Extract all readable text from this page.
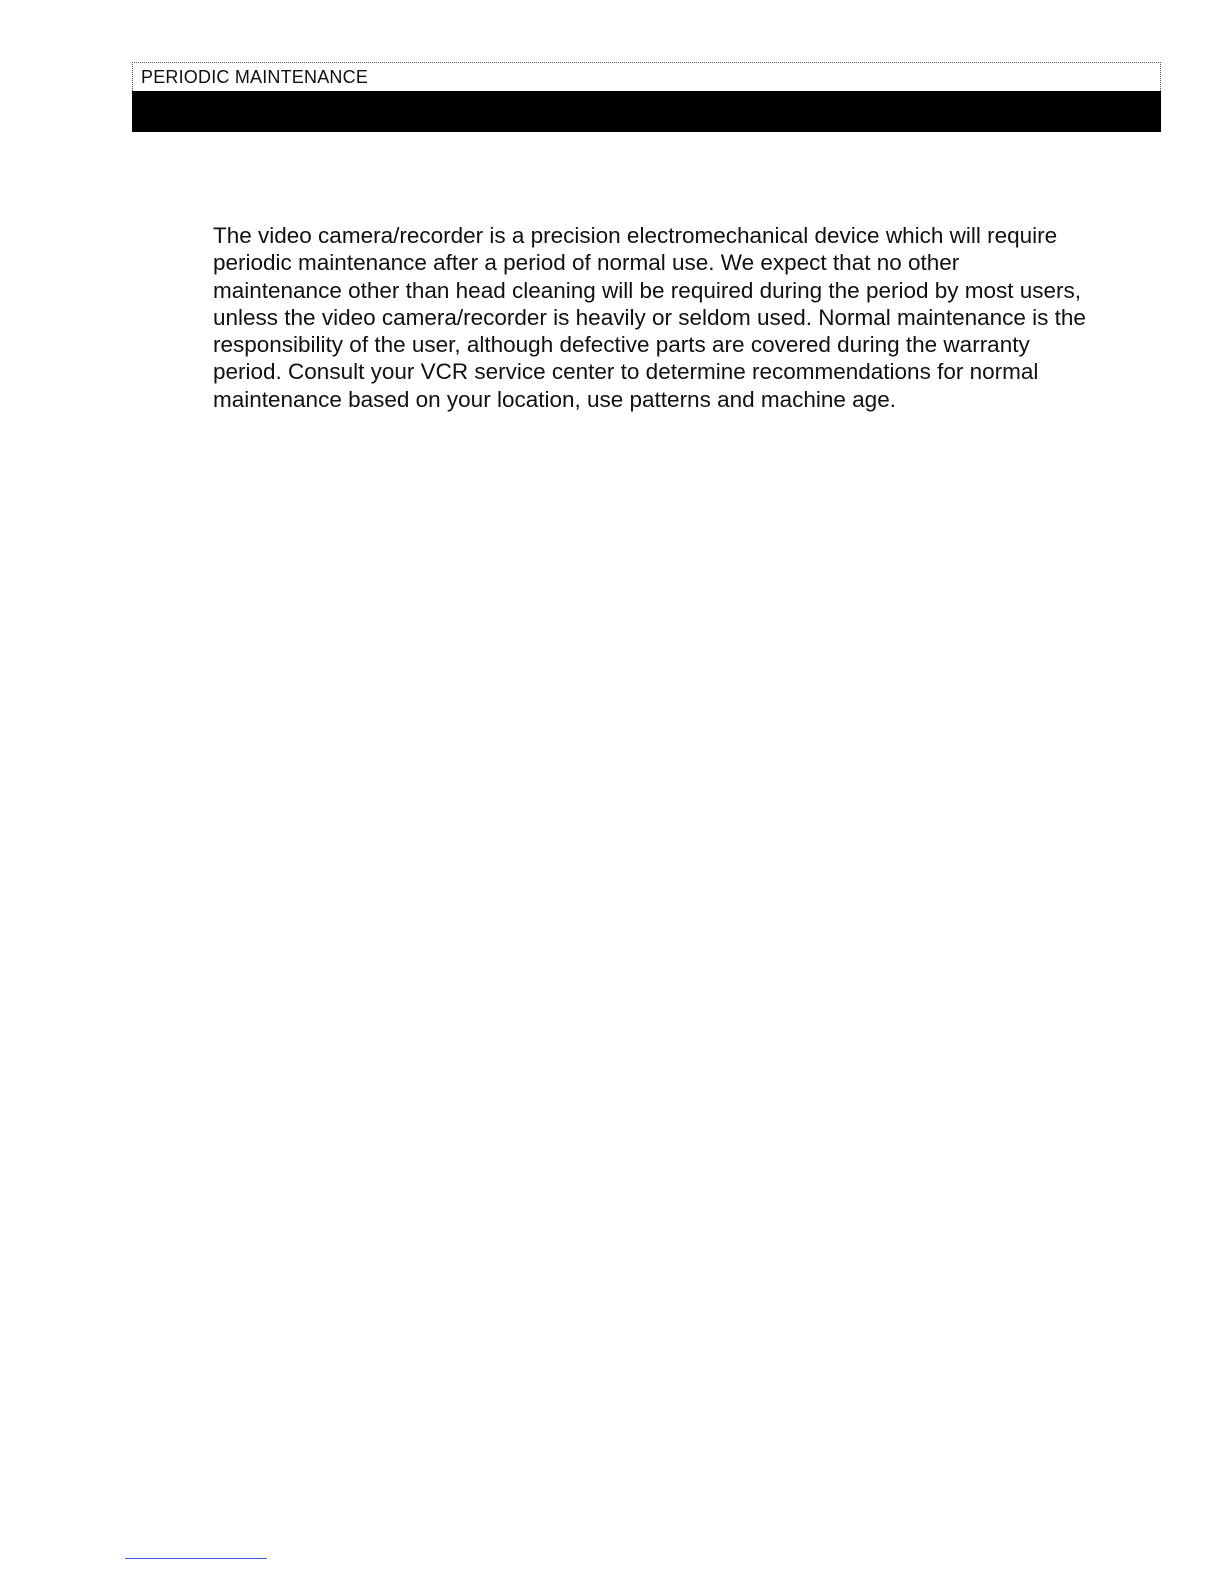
PERIODIC MAINTENANCE

The video camera/recorder is a precision electromechanical device which will require
periodic maintenance after a period of normal use. We expect that no other
maintenance other than head cleaning will be required during the period by most users,
unless the video camera/recorder is heavily or seldom used. Normal maintenance is the
responsibility of the user, although defective parts are covered during the warranty
period. Consult your VCR service center to determine recommendations for normal
maintenance based on your location, use patterns and machine age.
